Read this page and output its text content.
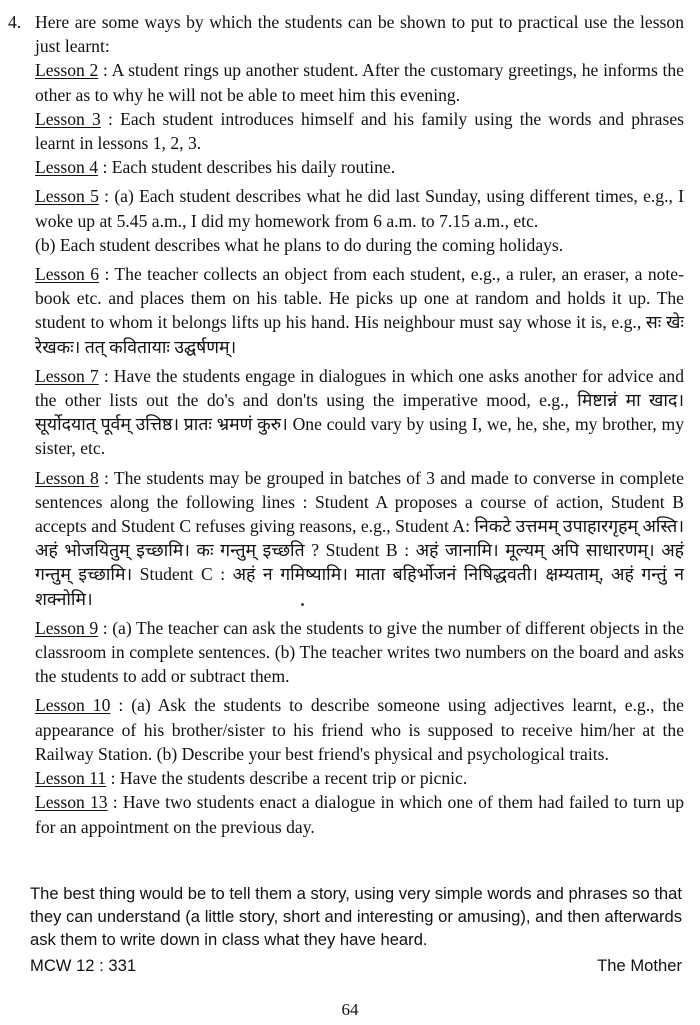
4. Here are some ways by which the students can be shown to put to practical use the lesson just learnt:

Lesson 2 : A student rings up another student. After the customary greetings, he informs the other as to why he will not be able to meet him this evening.

Lesson 3 : Each student introduces himself and his family using the words and phrases learnt in lessons 1, 2, 3.

Lesson 4 : Each student describes his daily routine.

Lesson 5 : (a) Each student describes what he did last Sunday, using different times, e.g., I woke up at 5.45 a.m., I did my homework from 6 a.m. to 7.15 a.m., etc.
(b) Each student describes what he plans to do during the coming holidays.

Lesson 6 : The teacher collects an object from each student, e.g., a ruler, an eraser, a note-book etc. and places them on his table. He picks up one at random and holds it up. The student to whom it belongs lifts up his hand. His neighbour must say whose it is, e.g., सः खेः रेखकः। तत् कवितायाः उद्घर्षणम्।

Lesson 7 : Have the students engage in dialogues in which one asks another for advice and the other lists out the do's and don'ts using the imperative mood, e.g., मिष्टान्नं मा खाद। सूर्योदयात् पूर्वम् उत्तिष्ठ। प्रातः भ्रमणं कुरु। One could vary by using I, we, he, she, my brother, my sister, etc.

Lesson 8 : The students may be grouped in batches of 3 and made to converse in complete sentences along the following lines : Student A proposes a course of action, Student B accepts and Student C refuses giving reasons, e.g., Student A: निकटे उत्तमम् उपाहारगृहम् अस्ति। अहं भोजयितुम् इच्छामि। कः गन्तुम् इच्छति ? Student B : अहं जानामि। मूल्यम् अपि साधारणम्। अहं गन्तुम् इच्छामि। Student C : अहं न गमिष्यामि। माता बहिर्भोजनं निषिद्धवती। क्षम्यताम्, अहं गन्तुं न शक्नोमि।

Lesson 9 : (a) The teacher can ask the students to give the number of different objects in the classroom in complete sentences. (b) The teacher writes two numbers on the board and asks the students to add or subtract them.

Lesson 10 : (a) Ask the students to describe someone using adjectives learnt, e.g., the appearance of his brother/sister to his friend who is supposed to receive him/her at the Railway Station. (b) Describe your best friend's physical and psychological traits.

Lesson 11 : Have the students describe a recent trip or picnic.

Lesson 13 : Have two students enact a dialogue in which one of them had failed to turn up for an appointment on the previous day.

The best thing would be to tell them a story, using very simple words and phrases so that they can understand (a little story, short and interesting or amusing), and then afterwards ask them to write down in class what they have heard.
MCW 12 : 331	The Mother
64
